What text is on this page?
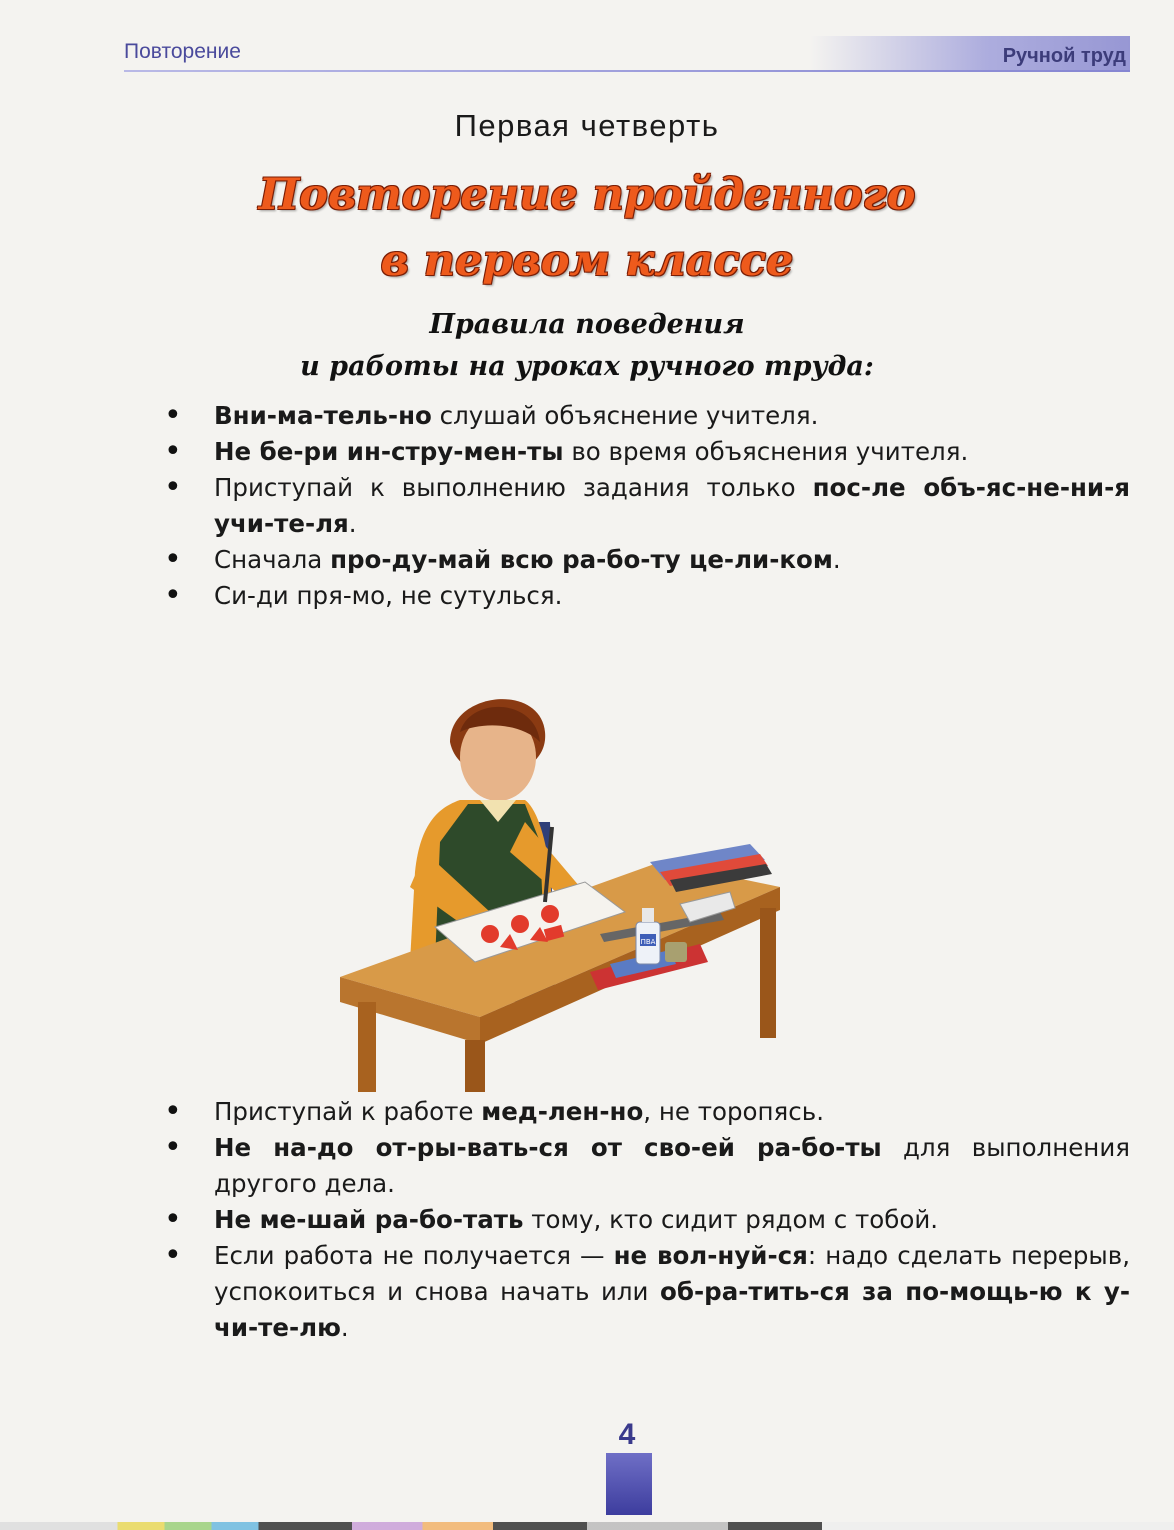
Повторение	Ручной труд
Первая четверть
Повторение пройденного
в первом классе
Правила поведения
и работы на уроках ручного труда:
• Вни-ма-тель-но слушай объяснение учителя.
• Не бе-ри ин-стру-мен-ты во время объяснения учителя.
• Приступай к выполнению задания только пос-ле объ-яс-не-ни-я учи-те-ля.
• Сначала про-ду-май всю ра-бо-ту це-ли-ком.
• Си-ди пря-мо, не сутулься.
ПВА
• Приступай к работе мед-лен-но, не торопясь.
• Не на-до от-ры-вать-ся от сво-ей ра-бо-ты для выполнения другого дела.
• Не ме-шай ра-бо-тать тому, кто сидит рядом с тобой.
• Если работа не получается — не вол-нуй-ся: надо сделать перерыв, успокоиться и снова начать или об-ра-тить-ся за по-мощь-ю к у-чи-те-лю.
4
